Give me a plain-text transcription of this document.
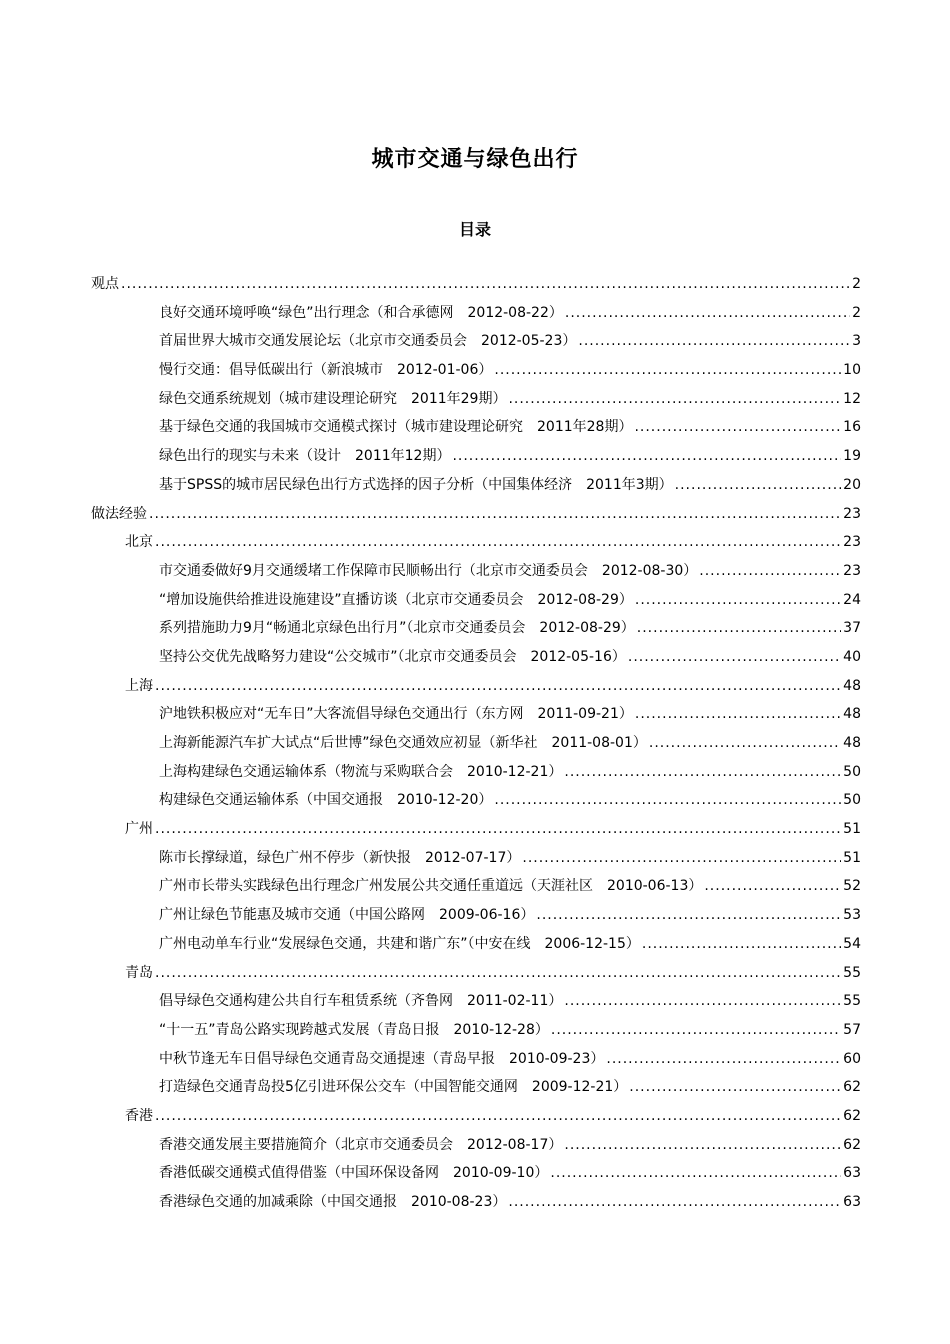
城市交通与绿色出行
目录
观点 .....	2
良好交通环境呼唤“绿色”出行理念（和合承德网　2012-08-22） .....	2
首届世界大城市交通发展论坛（北京市交通委员会　2012-05-23） .....	3
慢行交通：倡导低碳出行（新浪城市　2012-01-06） .....	10
绿色交通系统规划（城市建设理论研究　2011年29期） .....	12
基于绿色交通的我国城市交通模式探讨（城市建设理论研究　2011年28期） .....	16
绿色出行的现实与未来（设计　2011年12期） .....	19
基于SPSS的城市居民绿色出行方式选择的因子分析（中国集体经济　2011年3期） .....	20
做法经验 .....	23
北京 .....	23
市交通委做好9月交通缓堵工作保障市民顺畅出行（北京市交通委员会　2012-08-30） .....	23
“增加设施供给推进设施建设”直播访谈（北京市交通委员会　2012-08-29） .....	24
系列措施助力9月“畅通北京绿色出行月”（北京市交通委员会　2012-08-29） .....	37
坚持公交优先战略努力建设“公交城市”（北京市交通委员会　2012-05-16） .....	40
上海 .....	48
沪地铁积极应对“无车日”大客流倡导绿色交通出行（东方网　2011-09-21） .....	48
上海新能源汽车扩大试点“后世博”绿色交通效应初显（新华社　2011-08-01） .....	48
上海构建绿色交通运输体系（物流与采购联合会　2010-12-21） .....	50
构建绿色交通运输体系（中国交通报　2010-12-20） .....	50
广州 .....	51
陈市长撑绿道，绿色广州不停步（新快报　2012-07-17） .....	51
广州市长带头实践绿色出行理念广州发展公共交通任重道远（天涯社区　2010-06-13） .....	52
广州让绿色节能惠及城市交通（中国公路网　2009-06-16） .....	53
广州电动单车行业“发展绿色交通，共建和谐广东”（中安在线　2006-12-15） .....	54
青岛 .....	55
倡导绿色交通构建公共自行车租赁系统（齐鲁网　2011-02-11） .....	55
“十一五”青岛公路实现跨越式发展（青岛日报　2010-12-28） .....	57
中秋节逢无车日倡导绿色交通青岛交通提速（青岛早报　2010-09-23） .....	60
打造绿色交通青岛投5亿引进环保公交车（中国智能交通网　2009-12-21） .....	62
香港 .....	62
香港交通发展主要措施简介（北京市交通委员会　2012-08-17） .....	62
香港低碳交通模式值得借鉴（中国环保设备网　2010-09-10） .....	63
香港绿色交通的加减乘除（中国交通报　2010-08-23） .....	63
